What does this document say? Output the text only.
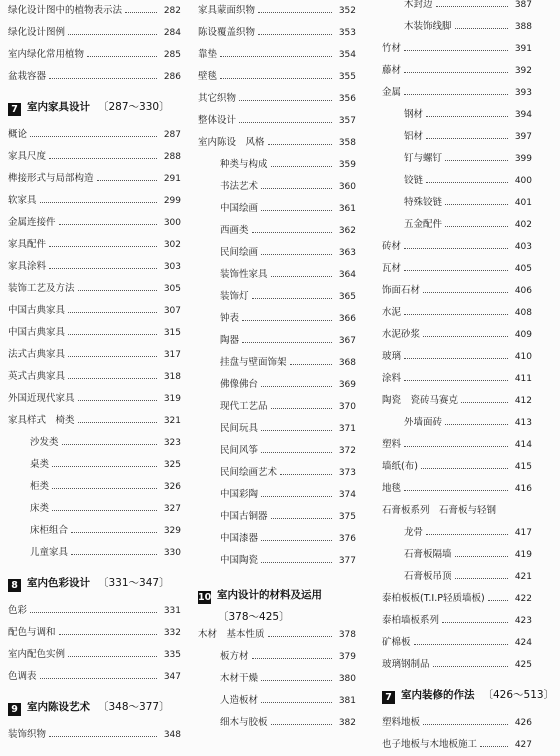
绿化设计图中的植物表示法	282
绿化设计图例	284
室内绿化常用植物	285
盆栽容器	286
7 室内家具设计 〔287～330〕
概论	287
家具尺度	288
榫接形式与局部构造	291
软家具	299
金属连接件	300
家具配件	302
家具涂料	303
装饰工艺及方法	305
中国古典家具	307
中国古典家具	315
法式古典家具	317
英式古典家具	318
外国近现代家具	319
家具样式　椅类	321
沙发类	323
桌类	325
柜类	326
床类	327
床柜组合	329
儿童家具	330
8 室内色彩设计 〔331～347〕
色彩	331
配色与调和	332
室内配色实例	335
色调表	347
9 室内陈设艺术 〔348～377〕
装饰织物	348
家具蒙面织物	352
陈设覆盖织物	353
靠垫	354
壁毯	355
其它织物	356
整体设计	357
室内陈设　风格	358
种类与构成	359
书法艺术	360
中国绘画	361
西画类	362
民间绘画	363
装饰性家具	364
装饰灯	365
钟表	366
陶器	367
挂盘与壁面饰架	368
佛像佛台	369
现代工艺品	370
民间玩具	371
民间风筝	372
民间绘画艺术	373
中国彩陶	374
中国古铜器	375
中国漆器	376
中国陶瓷	377
10 室内设计的材料及运用
〔378～425〕
木材　基本性质	378
板方材	379
木材干燥	380
人造板材	381
细木与胶板	382
木封边	387
木装饰线脚	388
竹材	391
藤材	392
金属	393
钢材	394
铝材	397
钉与螺钉	399
铰链	400
特殊铰链	401
五金配件	402
砖材	403
瓦材	405
饰面石材	406
水泥	408
水泥砂浆	409
玻璃	410
涂料	411
陶瓷　瓷砖马赛克	412
外墙面砖	413
塑料	414
墙纸(布)	415
地毯	416
石膏板系列　石膏板与轻钢
龙骨	417
石膏板隔墙	419
石膏板吊顶	421
泰柏板板(T.I.P轻质墙板)	422
泰柏墙板系列	423
矿棉板	424
玻璃钢制品	425
7 室内装修的作法 〔426～513〕
塑料地板	426
也子地板与木地板施工	427
